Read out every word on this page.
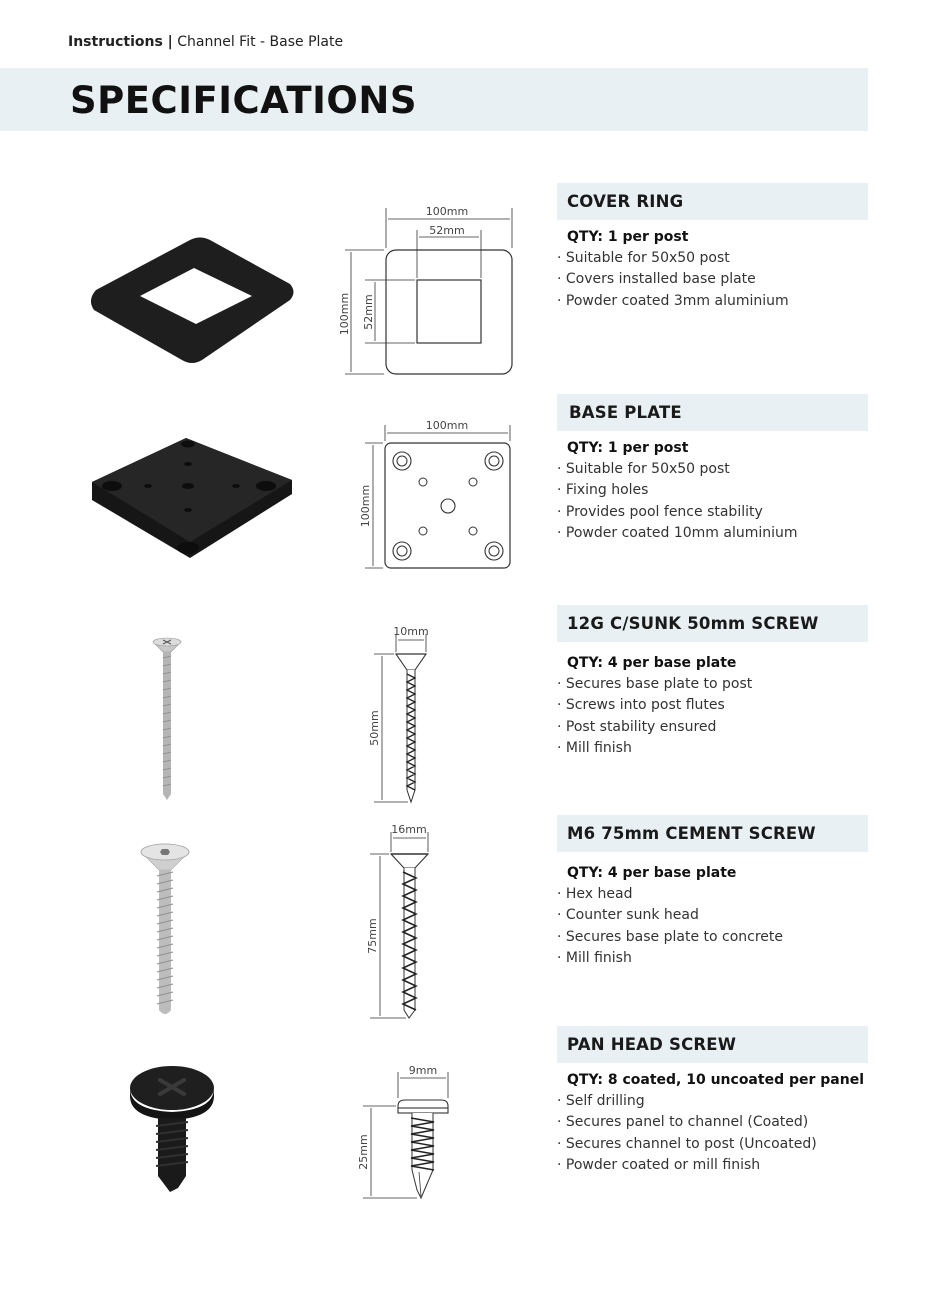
Instructions | Channel Fit - Base Plate
SPECIFICATIONS
100mm
52mm
100mm 52mm
COVER RING
QTY: 1 per post
· Suitable for 50x50 post
· Covers installed base plate
· Powder coated 3mm aluminium
100mm
100mm
BASE PLATE
QTY: 1 per post
· Suitable for 50x50 post
· Fixing holes
· Provides pool fence stability
· Powder coated 10mm aluminium
10mm
50mm
12G C/SUNK 50mm SCREW
QTY: 4 per base plate
· Secures base plate to post
· Screws into post flutes
· Post stability ensured
· Mill finish
16mm
75mm
M6 75mm CEMENT SCREW
QTY: 4 per base plate
· Hex head
· Counter sunk head
· Secures base plate to concrete
· Mill finish
9mm
25mm
PAN HEAD SCREW
QTY: 8 coated, 10 uncoated per panel
· Self drilling
· Secures panel to channel (Coated)
· Secures channel to post (Uncoated)
· Powder coated or mill finish
